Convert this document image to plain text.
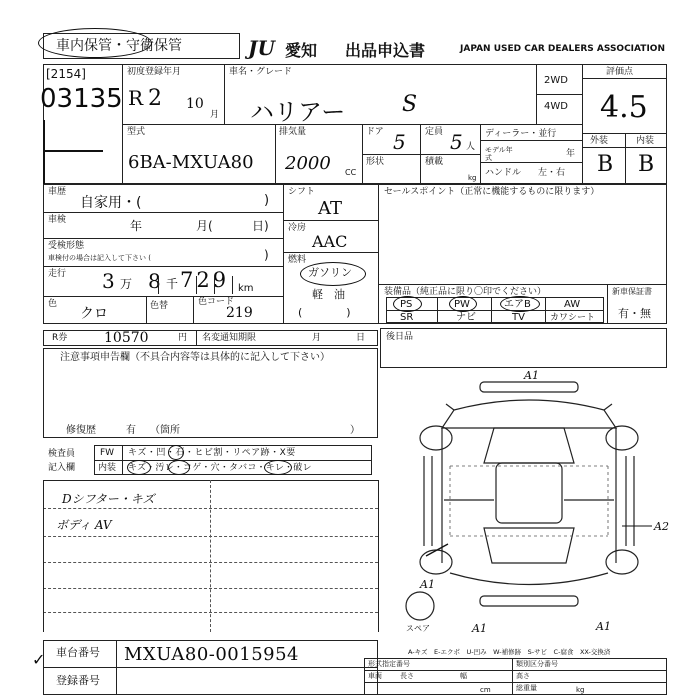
車内保管・守衛保管	JU 愛知 出品申込書	JAPAN USED CAR DEALERS ASSOCIATION
[2154]
03135
初度登録年月
R 2 10
月
車名・グレード
ハリアー	S
2WD
4WD
評価点
4.5
外装	内装
B B
型式
6BA-MXUA80
排気量
2000 CC
ドア 5 定員 5 人
形状	積載
kg
ディーラー・並行
モデル年式	年
ハンドル 左・右
車歴
自家用・(	)
車検	年	月(	日)
受検形態
車検付の場合は記入して下さい (	)
走行 3 万 8 千 729 km
色
クロ	色替	色コード
219
シフト
AT
冷房
AAC
燃料
ガソリン
軽　油
(　　　　)
セールスポイント（正常に機能するものに限ります）
装備品（純正品に限り〇印でください）	新車保証書
有・無
PS	PW	エアB	AW
SR	ナビ	TV	カワシート
R券	10570	円 名変通知期限	月	日 後日品
注意事項申告欄（不具合内容等は具体的に記入して下さい）
修復歴	有 （箇所	）
検査員
記入欄
FW キズ・凹・石・ヒビ割・リペア跡・X要
内装 キズ・汚レ・コゲ・穴・タバコ・キレ・破レ
Dシフター・キズ
ボディ AV
A1
A2
A1
A1	A1
スペア
A-キズ　E-エクボ　U-凹み　W-補修跡　S-サビ　C-腐食　XX-交換済
車台番号 MXUA80-0015954
登録番号
✓	形式指定番号	類別区分番号
車両	長さ	幅	高さ
cm	総重量	kg
